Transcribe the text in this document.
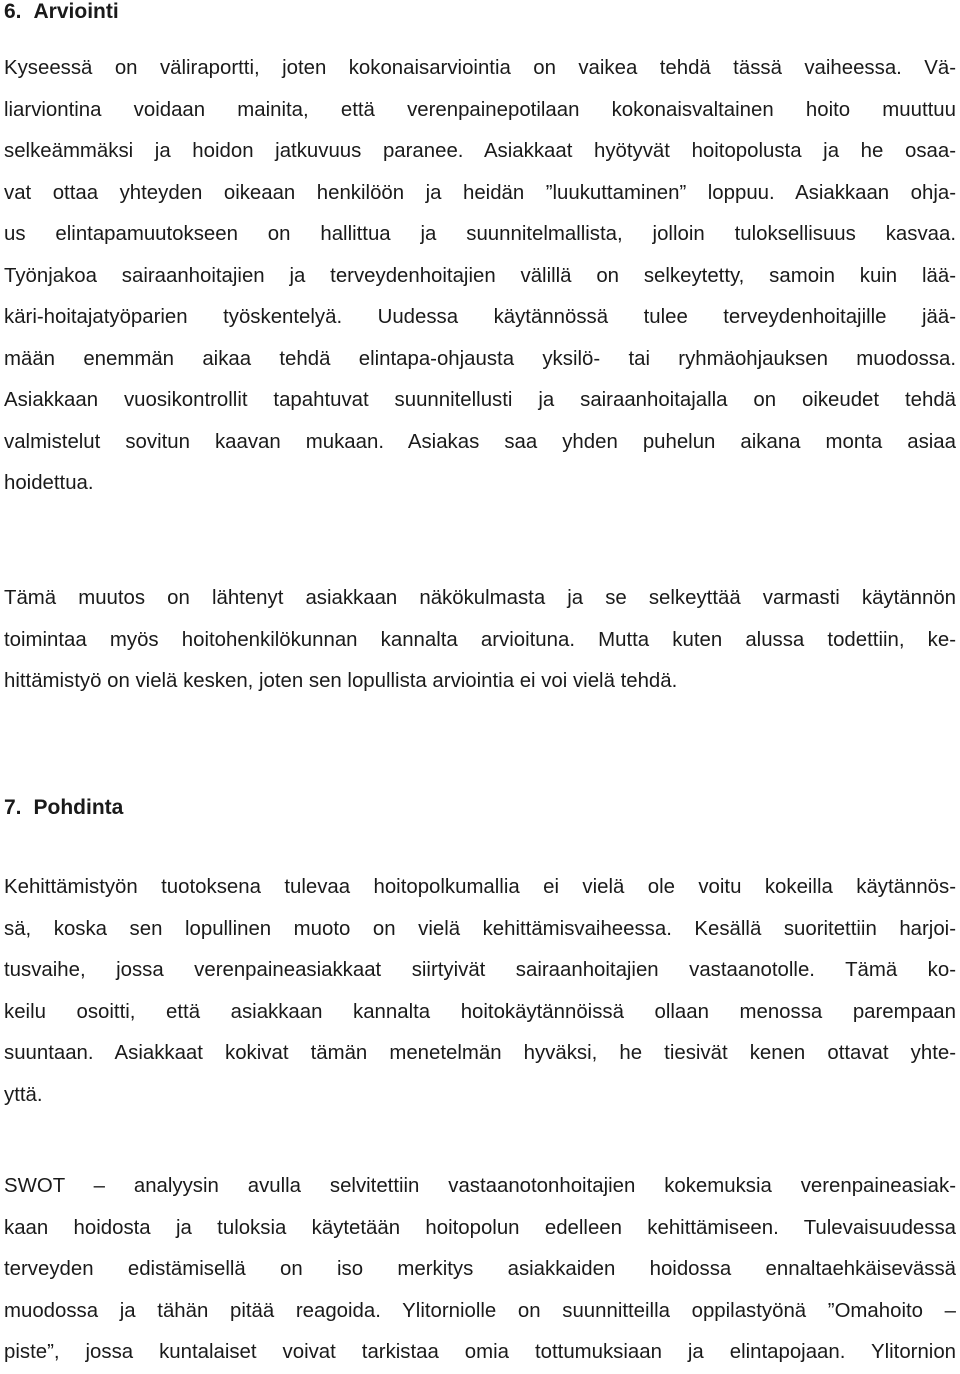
6. Arviointi
Kyseessä on väliraportti, joten kokonaisarviointia on vaikea tehdä tässä vaiheessa. Vä-
liarviontina voidaan mainita, että verenpainepotilaan kokonaisvaltainen hoito muuttuu
selkeämmäksi ja hoidon jatkuvuus paranee. Asiakkaat hyötyvät hoitopolusta ja he osaa-
vat ottaa yhteyden oikeaan henkilöön ja heidän ”luukuttaminen” loppuu. Asiakkaan ohja-
us elintapamuutokseen on hallittua ja suunnitelmallista, jolloin tuloksellisuus kasvaa.
Työnjakoa sairaanhoitajien ja terveydenhoitajien välillä on selkeytetty, samoin kuin lää-
käri-hoitajatyöparien työskentelyä. Uudessa käytännössä tulee terveydenhoitajille jää-
mään enemmän aikaa tehdä elintapa-ohjausta yksilö- tai ryhmäohjauksen muodossa.
Asiakkaan vuosikontrollit tapahtuvat suunnitellusti ja sairaanhoitajalla on oikeudet tehdä
valmistelut sovitun kaavan mukaan. Asiakas saa yhden puhelun aikana monta asiaa
hoidettua.
Tämä muutos on lähtenyt asiakkaan näkökulmasta ja se selkeyttää varmasti käytännön
toimintaa myös hoitohenkilökunnan kannalta arvioituna. Mutta kuten alussa todettiin, ke-
hittämistyö on vielä kesken, joten sen lopullista arviointia ei voi vielä tehdä.
7. Pohdinta
Kehittämistyön tuotoksena tulevaa hoitopolkumallia ei vielä ole voitu kokeilla käytännös-
sä, koska sen lopullinen muoto on vielä kehittämisvaiheessa. Kesällä suoritettiin harjoi-
tusvaihe, jossa verenpaineasiakkaat siirtyivät sairaanhoitajien vastaanotolle. Tämä ko-
keilu osoitti, että asiakkaan kannalta hoitokäytännöissä ollaan menossa parempaan
suuntaan. Asiakkaat kokivat tämän menetelmän hyväksi, he tiesivät kenen ottavat yhte-
yttä.
SWOT – analyysin avulla selvitettiin vastaanotonhoitajien kokemuksia verenpaineasiak-
kaan hoidosta ja tuloksia käytetään hoitopolun edelleen kehittämiseen. Tulevaisuudessa
terveyden edistämisellä on iso merkitys asiakkaiden hoidossa ennaltaehkäisevässä
muodossa ja tähän pitää reagoida. Ylitorniolle on suunnitteilla oppilastyönä ”Omahoito –
piste”, jossa kuntalaiset voivat tarkistaa omia tottumuksiaan ja elintapojaan. Ylitornion
